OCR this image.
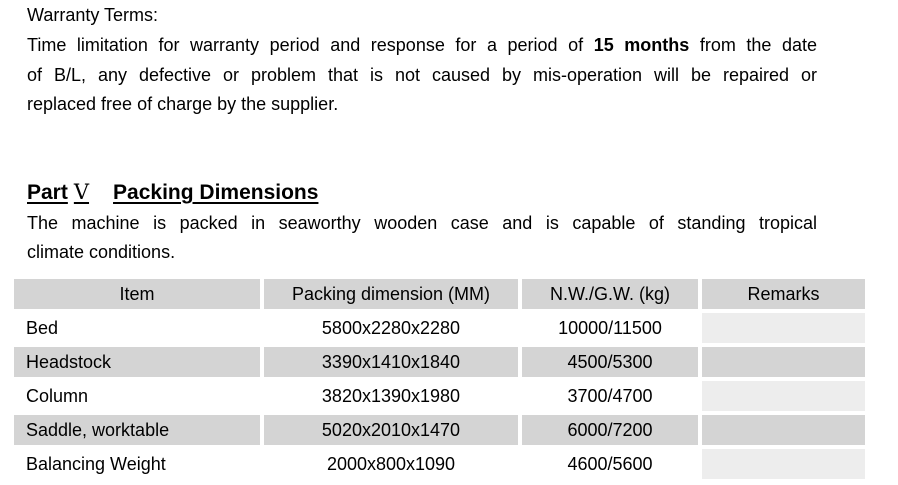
Warranty Terms:
Time limitation for warranty period and response for a period of 15 months from the date
of B/L, any defective or problem that is not caused by mis-operation will be repaired or
replaced free of charge by the supplier.
Part Ⅴ Packing Dimensions
The machine is packed in seaworthy wooden case and is capable of standing tropical
climate conditions.
Item	Packing dimension (MM)	N.W./G.W. (kg)	Remarks
Bed	5800x2280x2280	10000/11500	
Headstock	3390x1410x1840	4500/5300	
Column	3820x1390x1980	3700/4700	
Saddle, worktable	5020x2010x1470	6000/7200	
Balancing Weight	2000x800x1090	4600/5600	
